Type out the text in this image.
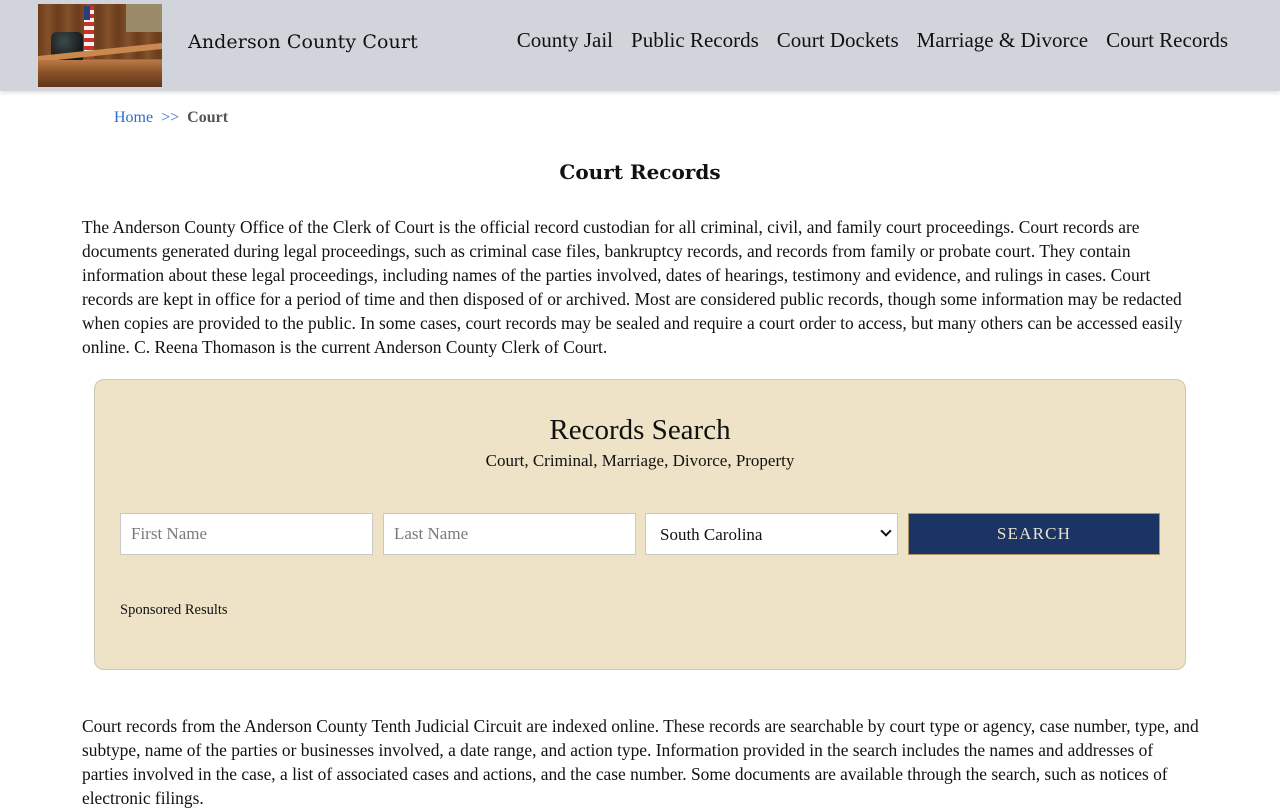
Anderson County Court	County Jail Public Records Court Dockets Marriage & Divorce Court Records
Home >> Court
Court Records

The Anderson County Office of the Clerk of Court is the official record custodian for all criminal, civil, and family court proceedings. Court records are documents generated during legal proceedings, such as criminal case files, bankruptcy records, and records from family or probate court. They contain information about these legal proceedings, including names of the parties involved, dates of hearings, testimony and evidence, and rulings in cases. Court records are kept in office for a period of time and then disposed of or archived. Most are considered public records, though some information may be redacted when copies are provided to the public. In some cases, court records may be sealed and require a court order to access, but many others can be accessed easily online. C. Reena Thomason is the current Anderson County Clerk of Court.

Records Search
Court, Criminal, Marriage, Divorce, Property
First Name
Last Name
South Carolina
SEARCH
Sponsored Results

Court records from the Anderson County Tenth Judicial Circuit are indexed online. These records are searchable by court type or agency, case number, type, and subtype, name of the parties or businesses involved, a date range, and action type. Information provided in the search includes the names and addresses of parties involved in the case, a list of associated cases and actions, and the case number. Some documents are available through the search, such as notices of electronic filings.
